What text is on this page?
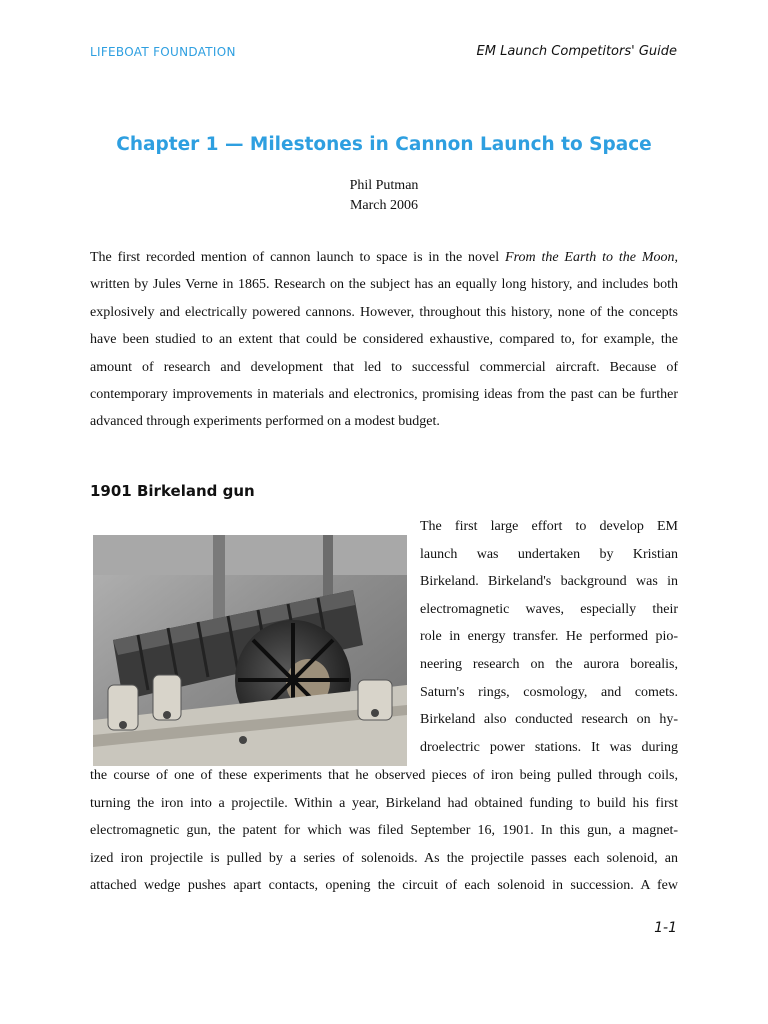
LIFEBOAT FOUNDATION	EM Launch Competitors' Guide
Chapter 1 — Milestones in Cannon Launch to Space
Phil Putman
March 2006

The first recorded mention of cannon launch to space is in the novel From the Earth to the Moon, written by Jules Verne in 1865. Research on the subject has an equally long history, and includes both explosively and electrically powered cannons. However, throughout this history, none of the concepts have been studied to an extent that could be considered exhaustive, compared to, for example, the amount of research and development that led to successful commercial aircraft. Because of contemporary improvements in materials and electronics, promising ideas from the past can be further advanced through experiments performed on a modest budget.

1901 Birkeland gun
The first large effort to develop EM
launch was undertaken by Kristian
Birkeland. Birkeland's background was in
electromagnetic waves, especially their
role in energy transfer. He performed pio-
neering research on the aurora borealis,
Saturn's rings, cosmology, and comets.
Birkeland also conducted research on hy-
droelectric power stations. It was during
the course of one of these experiments that he observed pieces of iron being pulled through coils,
turning the iron into a projectile. Within a year, Birkeland had obtained funding to build his first
electromagnetic gun, the patent for which was filed September 16, 1901. In this gun, a magnet-
ized iron projectile is pulled by a series of solenoids. As the projectile passes each solenoid, an
attached wedge pushes apart contacts, opening the circuit of each solenoid in succession. A few
1-1
